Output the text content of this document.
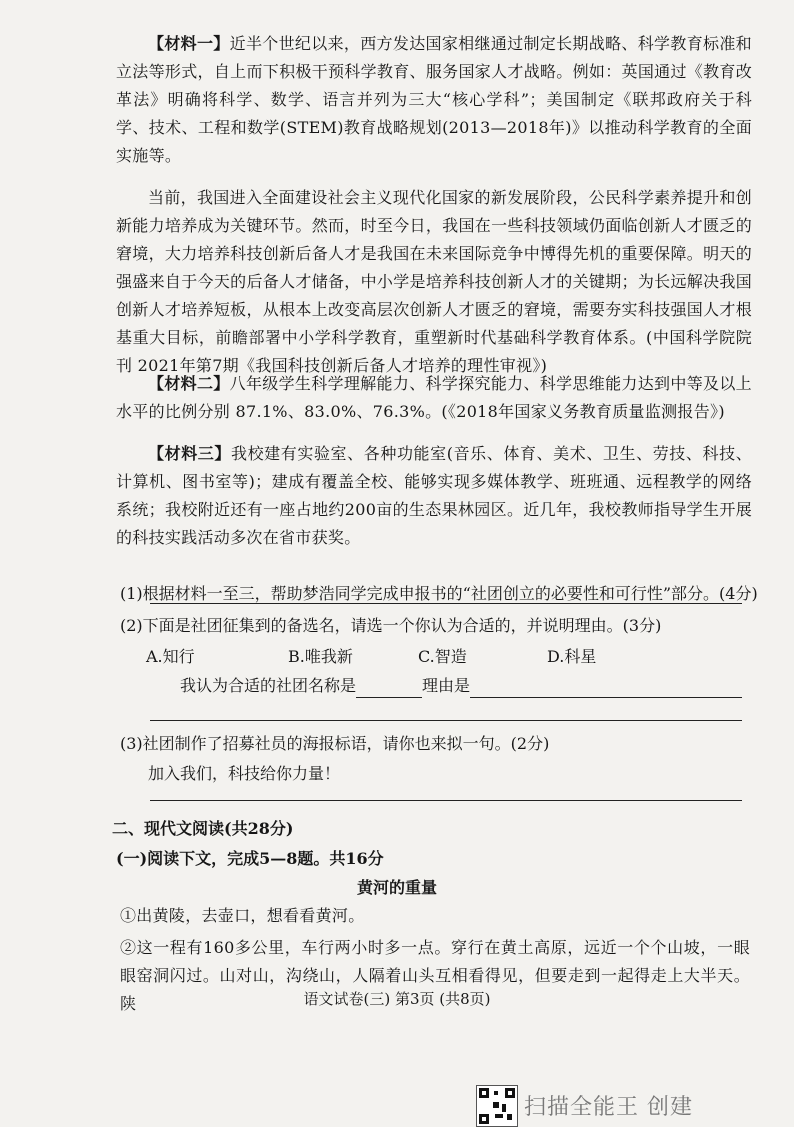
【材料一】近半个世纪以来，西方发达国家相继通过制定长期战略、科学教育标准和立法等形式，自上而下积极干预科学教育、服务国家人才战略。例如：英国通过《教育改革法》明确将科学、数学、语言并列为三大“核心学科”；美国制定《联邦政府关于科学、技术、工程和数学(STEM)教育战略规划(2013—2018年)》以推动科学教育的全面实施等。

当前，我国进入全面建设社会主义现代化国家的新发展阶段，公民科学素养提升和创新能力培养成为关键环节。然而，时至今日，我国在一些科技领域仍面临创新人才匮乏的窘境，大力培养科技创新后备人才是我国在未来国际竞争中博得先机的重要保障。明天的强盛来自于今天的后备人才储备，中小学是培养科技创新人才的关键期；为长远解决我国创新人才培养短板，从根本上改变高层次创新人才匮乏的窘境，需要夯实科技强国人才根基重大目标，前瞻部署中小学科学教育，重塑新时代基础科学教育体系。(中国科学院院刊 2021年第7期《我国科技创新后备人才培养的理性审视》)

【材料二】八年级学生科学理解能力、科学探究能力、科学思维能力达到中等及以上水平的比例分别 87.1%、83.0%、76.3%。(《2018年国家义务教育质量监测报告》)

【材料三】我校建有实验室、各种功能室(音乐、体育、美术、卫生、劳技、科技、计算机、图书室等)；建成有覆盖全校、能够实现多媒体教学、班班通、远程教学的网络系统；我校附近还有一座占地约200亩的生态果林园区。近几年，我校教师指导学生开展的科技实践活动多次在省市获奖。

(1)根据材料一至三，帮助梦浩同学完成申报书的“社团创立的必要性和可行性”部分。(4分)
(2)下面是社团征集到的备选名，请选一个你认为合适的，并说明理由。(3分)
A.知行	B.唯我新	C.智造	D.科星
我认为合适的社团名称是	理由是
(3)社团制作了招募社员的海报标语，请你也来拟一句。(2分)
加入我们，科技给你力量！
二、现代文阅读(共28分)
(一)阅读下文，完成5—8题。共16分
黄河的重量
①出黄陵，去壶口，想看看黄河。

②这一程有160多公里，车行两小时多一点。穿行在黄土高原，远近一个个山坡，一眼眼窑洞闪过。山对山，沟绕山，人隔着山头互相看得见，但要走到一起得走上大半天。陕	语文试卷(三) 第3页 (共8页)
扫描全能王 创建
